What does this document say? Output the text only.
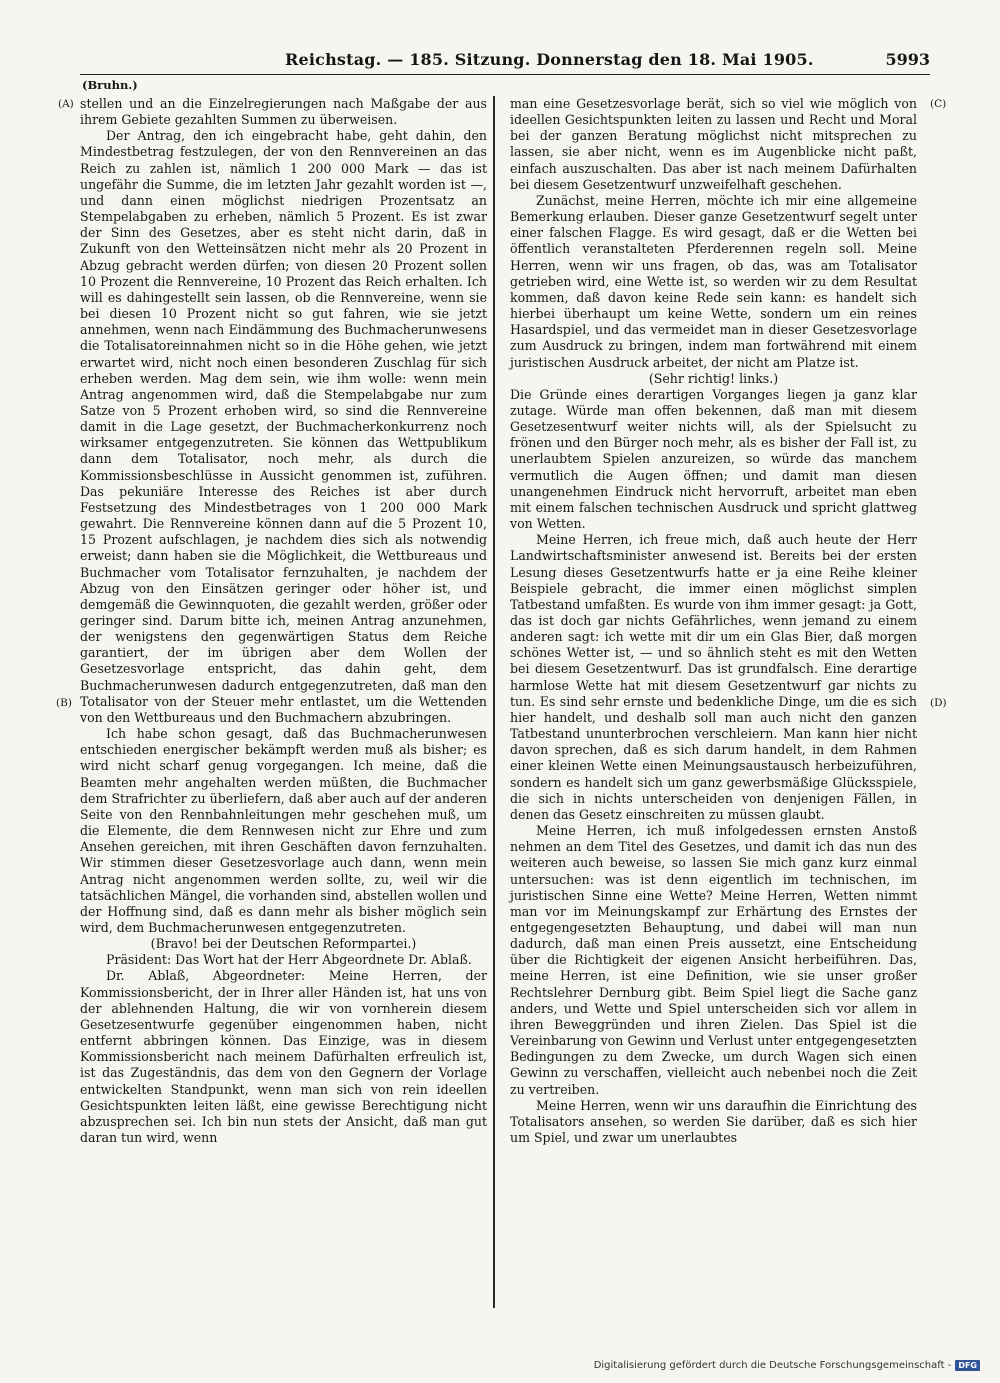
Reichstag. — 185. Sitzung. Donnerstag den 18. Mai 1905.	5993
(Bruhn.)
(A)
(B)
(C)
(D)

stellen und an die Einzelregierungen nach Maßgabe der aus ihrem Gebiete gezahlten Summen zu überweisen.

Der Antrag, den ich eingebracht habe, geht dahin, den Mindestbetrag festzulegen, der von den Rennvereinen an das Reich zu zahlen ist, nämlich 1 200 000 Mark — das ist ungefähr die Summe, die im letzten Jahr gezahlt worden ist —, und dann einen möglichst niedrigen Prozentsatz an Stempelabgaben zu erheben, nämlich 5 Prozent. Es ist zwar der Sinn des Gesetzes, aber es steht nicht darin, daß in Zukunft von den Wetteinsätzen nicht mehr als 20 Prozent in Abzug gebracht werden dürfen; von diesen 20 Prozent sollen 10 Prozent die Rennvereine, 10 Prozent das Reich erhalten. Ich will es dahingestellt sein lassen, ob die Rennvereine, wenn sie bei diesen 10 Prozent nicht so gut fahren, wie sie jetzt annehmen, wenn nach Eindämmung des Buchmacherunwesens die Totalisatoreinnahmen nicht so in die Höhe gehen, wie jetzt erwartet wird, nicht noch einen besonderen Zuschlag für sich erheben werden. Mag dem sein, wie ihm wolle: wenn mein Antrag angenommen wird, daß die Stempelabgabe nur zum Satze von 5 Prozent erhoben wird, so sind die Rennvereine damit in die Lage gesetzt, der Buchmacherkonkurrenz noch wirksamer entgegenzutreten. Sie können das Wettpublikum dann dem Totalisator, noch mehr, als durch die Kommissionsbeschlüsse in Aussicht genommen ist, zuführen. Das pekuniäre Interesse des Reiches ist aber durch Festsetzung des Mindestbetrages von 1 200 000 Mark gewahrt. Die Rennvereine können dann auf die 5 Prozent 10, 15 Prozent aufschlagen, je nachdem dies sich als notwendig erweist; dann haben sie die Möglichkeit, die Wettbureaus und Buchmacher vom Totalisator fernzuhalten, je nachdem der Abzug von den Einsätzen geringer oder höher ist, und demgemäß die Gewinnquoten, die gezahlt werden, größer oder geringer sind. Darum bitte ich, meinen Antrag anzunehmen, der wenigstens den gegenwärtigen Status dem Reiche garantiert, der im übrigen aber dem Wollen der Gesetzesvorlage entspricht, das dahin geht, dem Buchmacherunwesen dadurch entgegenzutreten, daß man den Totalisator von der Steuer mehr entlastet, um die Wettenden von den Wettbureaus und den Buchmachern abzubringen.

Ich habe schon gesagt, daß das Buchmacherunwesen entschieden energischer bekämpft werden muß als bisher; es wird nicht scharf genug vorgegangen. Ich meine, daß die Beamten mehr angehalten werden müßten, die Buchmacher dem Strafrichter zu überliefern, daß aber auch auf der anderen Seite von den Rennbahnleitungen mehr geschehen muß, um die Elemente, die dem Rennwesen nicht zur Ehre und zum Ansehen gereichen, mit ihren Geschäften davon fernzuhalten. Wir stimmen dieser Gesetzesvorlage auch dann, wenn mein Antrag nicht angenommen werden sollte, zu, weil wir die tatsächlichen Mängel, die vorhanden sind, abstellen wollen und der Hoffnung sind, daß es dann mehr als bisher möglich sein wird, dem Buchmacherunwesen entgegenzutreten.

(Bravo! bei der Deutschen Reformpartei.)

Präsident: Das Wort hat der Herr Abgeordnete Dr. Ablaß.

Dr. Ablaß, Abgeordneter: Meine Herren, der Kommissionsbericht, der in Ihrer aller Händen ist, hat uns von der ablehnenden Haltung, die wir von vornherein diesem Gesetzesentwurfe gegenüber eingenommen haben, nicht entfernt abbringen können. Das Einzige, was in diesem Kommissionsbericht nach meinem Dafürhalten erfreulich ist, ist das Zugeständnis, das dem von den Gegnern der Vorlage entwickelten Standpunkt, wenn man sich von rein ideellen Gesichtspunkten leiten läßt, eine gewisse Berechtigung nicht abzusprechen sei. Ich bin nun stets der Ansicht, daß man gut daran tun wird, wenn

man eine Gesetzesvorlage berät, sich so viel wie möglich von ideellen Gesichtspunkten leiten zu lassen und Recht und Moral bei der ganzen Beratung möglichst nicht mitsprechen zu lassen, sie aber nicht, wenn es im Augenblicke nicht paßt, einfach auszuschalten. Das aber ist nach meinem Dafürhalten bei diesem Gesetzentwurf unzweifelhaft geschehen.

Zunächst, meine Herren, möchte ich mir eine allgemeine Bemerkung erlauben. Dieser ganze Gesetzentwurf segelt unter einer falschen Flagge. Es wird gesagt, daß er die Wetten bei öffentlich veranstalteten Pferderennen regeln soll. Meine Herren, wenn wir uns fragen, ob das, was am Totalisator getrieben wird, eine Wette ist, so werden wir zu dem Resultat kommen, daß davon keine Rede sein kann: es handelt sich hierbei überhaupt um keine Wette, sondern um ein reines Hasardspiel, und das vermeidet man in dieser Gesetzesvorlage zum Ausdruck zu bringen, indem man fortwährend mit einem juristischen Ausdruck arbeitet, der nicht am Platze ist.

(Sehr richtig! links.)

Die Gründe eines derartigen Vorganges liegen ja ganz klar zutage. Würde man offen bekennen, daß man mit diesem Gesetzesentwurf weiter nichts will, als der Spielsucht zu frönen und den Bürger noch mehr, als es bisher der Fall ist, zu unerlaubtem Spielen anzureizen, so würde das manchem vermutlich die Augen öffnen; und damit man diesen unangenehmen Eindruck nicht hervorruft, arbeitet man eben mit einem falschen technischen Ausdruck und spricht glattweg von Wetten.

Meine Herren, ich freue mich, daß auch heute der Herr Landwirtschaftsminister anwesend ist. Bereits bei der ersten Lesung dieses Gesetzentwurfs hatte er ja eine Reihe kleiner Beispiele gebracht, die immer einen möglichst simplen Tatbestand umfaßten. Es wurde von ihm immer gesagt: ja Gott, das ist doch gar nichts Gefährliches, wenn jemand zu einem anderen sagt: ich wette mit dir um ein Glas Bier, daß morgen schönes Wetter ist, — und so ähnlich steht es mit den Wetten bei diesem Gesetzentwurf. Das ist grundfalsch. Eine derartige harmlose Wette hat mit diesem Gesetzentwurf gar nichts zu tun. Es sind sehr ernste und bedenkliche Dinge, um die es sich hier handelt, und deshalb soll man auch nicht den ganzen Tatbestand ununterbrochen verschleiern. Man kann hier nicht davon sprechen, daß es sich darum handelt, in dem Rahmen einer kleinen Wette einen Meinungsaustausch herbeizuführen, sondern es handelt sich um ganz gewerbsmäßige Glücksspiele, die sich in nichts unterscheiden von denjenigen Fällen, in denen das Gesetz einschreiten zu müssen glaubt.

Meine Herren, ich muß infolgedessen ernsten Anstoß nehmen an dem Titel des Gesetzes, und damit ich das nun des weiteren auch beweise, so lassen Sie mich ganz kurz einmal untersuchen: was ist denn eigentlich im technischen, im juristischen Sinne eine Wette? Meine Herren, Wetten nimmt man vor im Meinungskampf zur Erhärtung des Ernstes der entgegengesetzten Behauptung, und dabei will man nun dadurch, daß man einen Preis aussetzt, eine Entscheidung über die Richtigkeit der eigenen Ansicht herbeiführen. Das, meine Herren, ist eine Definition, wie sie unser großer Rechtslehrer Dernburg gibt. Beim Spiel liegt die Sache ganz anders, und Wette und Spiel unterscheiden sich vor allem in ihren Beweggründen und ihren Zielen. Das Spiel ist die Vereinbarung von Gewinn und Verlust unter entgegengesetzten Bedingungen zu dem Zwecke, um durch Wagen sich einen Gewinn zu verschaffen, vielleicht auch nebenbei noch die Zeit zu vertreiben.

Meine Herren, wenn wir uns daraufhin die Einrichtung des Totalisators ansehen, so werden Sie darüber, daß es sich hier um Spiel, und zwar um unerlaubtes

Digitalisierung gefördert durch die Deutsche Forschungsgemeinschaft - DFG
